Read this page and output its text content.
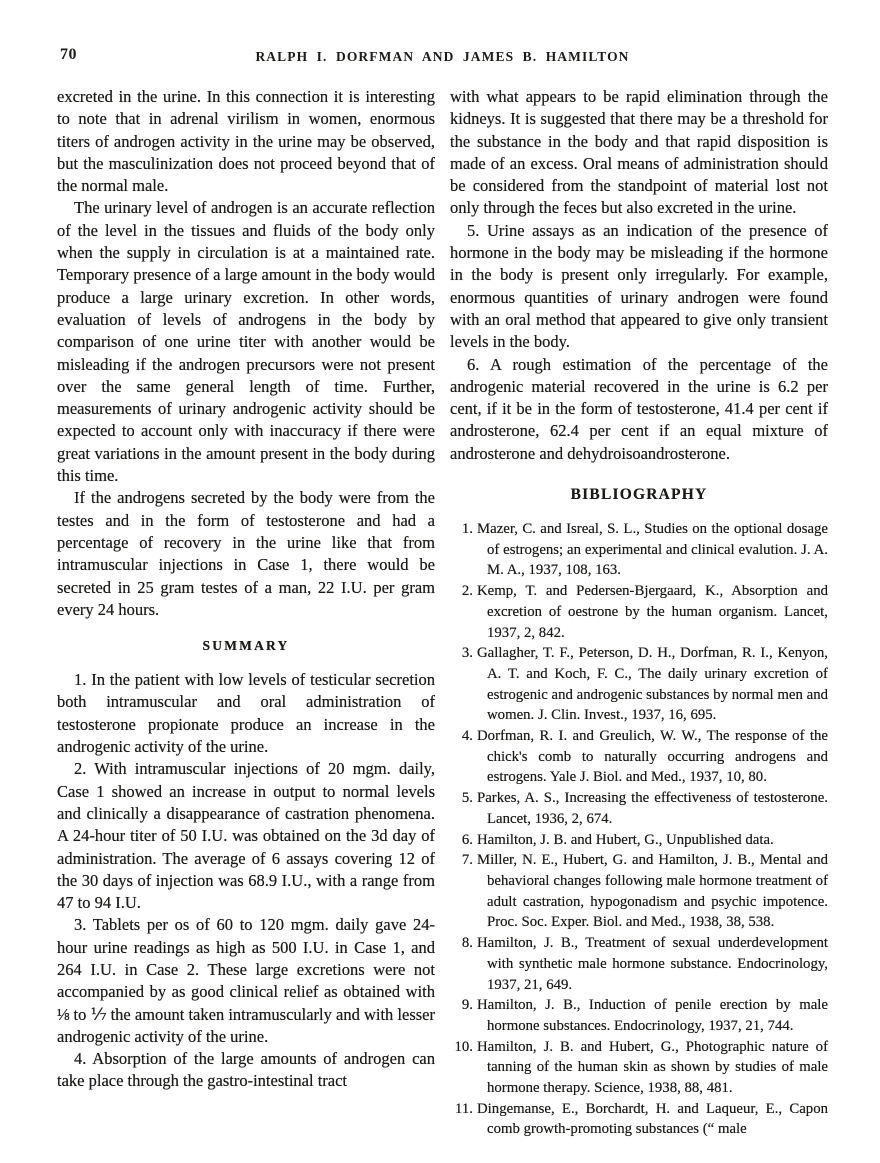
70	RALPH I. DORFMAN AND JAMES B. HAMILTON

excreted in the urine. In this connection it is interesting to note that in adrenal virilism in women, enormous titers of androgen activity in the urine may be observed, but the masculinization does not proceed beyond that of the normal male.

The urinary level of androgen is an accurate reflection of the level in the tissues and fluids of the body only when the supply in circulation is at a maintained rate. Temporary presence of a large amount in the body would produce a large urinary excretion. In other words, evaluation of levels of androgens in the body by comparison of one urine titer with another would be misleading if the androgen precursors were not present over the same general length of time. Further, measurements of urinary androgenic activity should be expected to account only with inaccuracy if there were great variations in the amount present in the body during this time.

If the androgens secreted by the body were from the testes and in the form of testosterone and had a percentage of recovery in the urine like that from intramuscular injections in Case 1, there would be secreted in 25 gram testes of a man, 22 I.U. per gram every 24 hours.

SUMMARY

1. In the patient with low levels of testicular secretion both intramuscular and oral administration of testosterone propionate produce an increase in the androgenic activity of the urine.

2. With intramuscular injections of 20 mgm. daily, Case 1 showed an increase in output to normal levels and clinically a disappearance of castration phenomena. A 24-hour titer of 50 I.U. was obtained on the 3d day of administration. The average of 6 assays covering 12 of the 30 days of injection was 68.9 I.U., with a range from 47 to 94 I.U.

3. Tablets per os of 60 to 120 mgm. daily gave 24-hour urine readings as high as 500 I.U. in Case 1, and 264 I.U. in Case 2. These large excretions were not accompanied by as good clinical relief as obtained with ⅛ to ⅐ the amount taken intramuscularly and with lesser androgenic activity of the urine.

4. Absorption of the large amounts of androgen can take place through the gastro-intestinal tract

with what appears to be rapid elimination through the kidneys. It is suggested that there may be a threshold for the substance in the body and that rapid disposition is made of an excess. Oral means of administration should be considered from the standpoint of material lost not only through the feces but also excreted in the urine.

5. Urine assays as an indication of the presence of hormone in the body may be misleading if the hormone in the body is present only irregularly. For example, enormous quantities of urinary androgen were found with an oral method that appeared to give only transient levels in the body.

6. A rough estimation of the percentage of the androgenic material recovered in the urine is 6.2 per cent, if it be in the form of testosterone, 41.4 per cent if androsterone, 62.4 per cent if an equal mixture of androsterone and dehydroisoandrosterone.

BIBLIOGRAPHY

1. Mazer, C. and Isreal, S. L., Studies on the optional dosage of estrogens; an experimental and clinical evalution. J. A. M. A., 1937, 108, 163.

2. Kemp, T. and Pedersen-Bjergaard, K., Absorption and excretion of oestrone by the human organism. Lancet, 1937, 2, 842.

3. Gallagher, T. F., Peterson, D. H., Dorfman, R. I., Kenyon, A. T. and Koch, F. C., The daily urinary excretion of estrogenic and androgenic substances by normal men and women. J. Clin. Invest., 1937, 16, 695.

4. Dorfman, R. I. and Greulich, W. W., The response of the chick's comb to naturally occurring androgens and estrogens. Yale J. Biol. and Med., 1937, 10, 80.

5. Parkes, A. S., Increasing the effectiveness of testosterone. Lancet, 1936, 2, 674.

6. Hamilton, J. B. and Hubert, G., Unpublished data.

7. Miller, N. E., Hubert, G. and Hamilton, J. B., Mental and behavioral changes following male hormone treatment of adult castration, hypogonadism and psychic impotence. Proc. Soc. Exper. Biol. and Med., 1938, 38, 538.

8. Hamilton, J. B., Treatment of sexual underdevelopment with synthetic male hormone substance. Endocrinology, 1937, 21, 649.

9. Hamilton, J. B., Induction of penile erection by male hormone substances. Endocrinology, 1937, 21, 744.

10. Hamilton, J. B. and Hubert, G., Photographic nature of tanning of the human skin as shown by studies of male hormone therapy. Science, 1938, 88, 481.

11. Dingemanse, E., Borchardt, H. and Laqueur, E., Capon comb growth-promoting substances (“ male
